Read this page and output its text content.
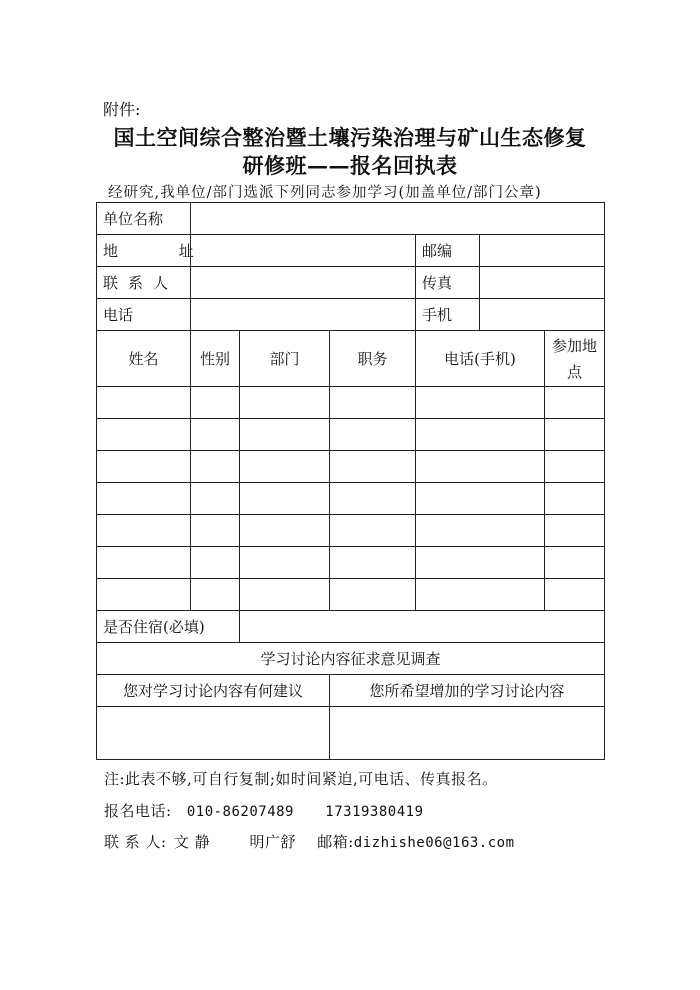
附件:
国土空间综合整治暨土壤污染治理与矿山生态修复
研修班——报名回执表
经研究,我单位/部门选派下列同志参加学习(加盖单位/部门公章)
单位名称						
地 址				邮编		
联系人				传真		
电话				手机		
姓名	性别	部门	职务	电话(手机)		参加地点

是否住宿(必填)						
学习讨论内容征求意见调查						
您对学习讨论内容有何建议			您所希望增加的学习讨论内容			

注:此表不够,可自行复制;如时间紧迫,可电话、传真报名。
报名电话: 010-86207489 17319380419
联 系 人: 文 静	明广舒 邮箱:dizhishe06@163.com
